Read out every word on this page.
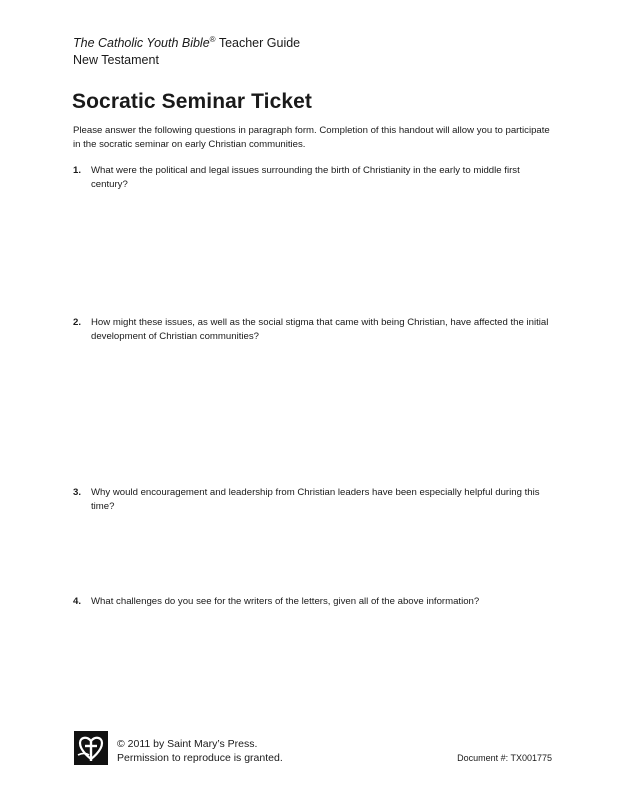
The Catholic Youth Bible® Teacher Guide
New Testament
Socratic Seminar Ticket

Please answer the following questions in paragraph form. Completion of this handout will allow you to participate in the socratic seminar on early Christian communities.

1.	What were the political and legal issues surrounding the birth of Christianity in the early to middle first century?
2.	How might these issues, as well as the social stigma that came with being Christian, have affected the initial development of Christian communities?
3.	Why would encouragement and leadership from Christian leaders have been especially helpful during this time?
4.	What challenges do you see for the writers of the letters, given all of the above information?
© 2011 by Saint Mary’s Press.
Permission to reproduce is granted.	Document #: TX001775
